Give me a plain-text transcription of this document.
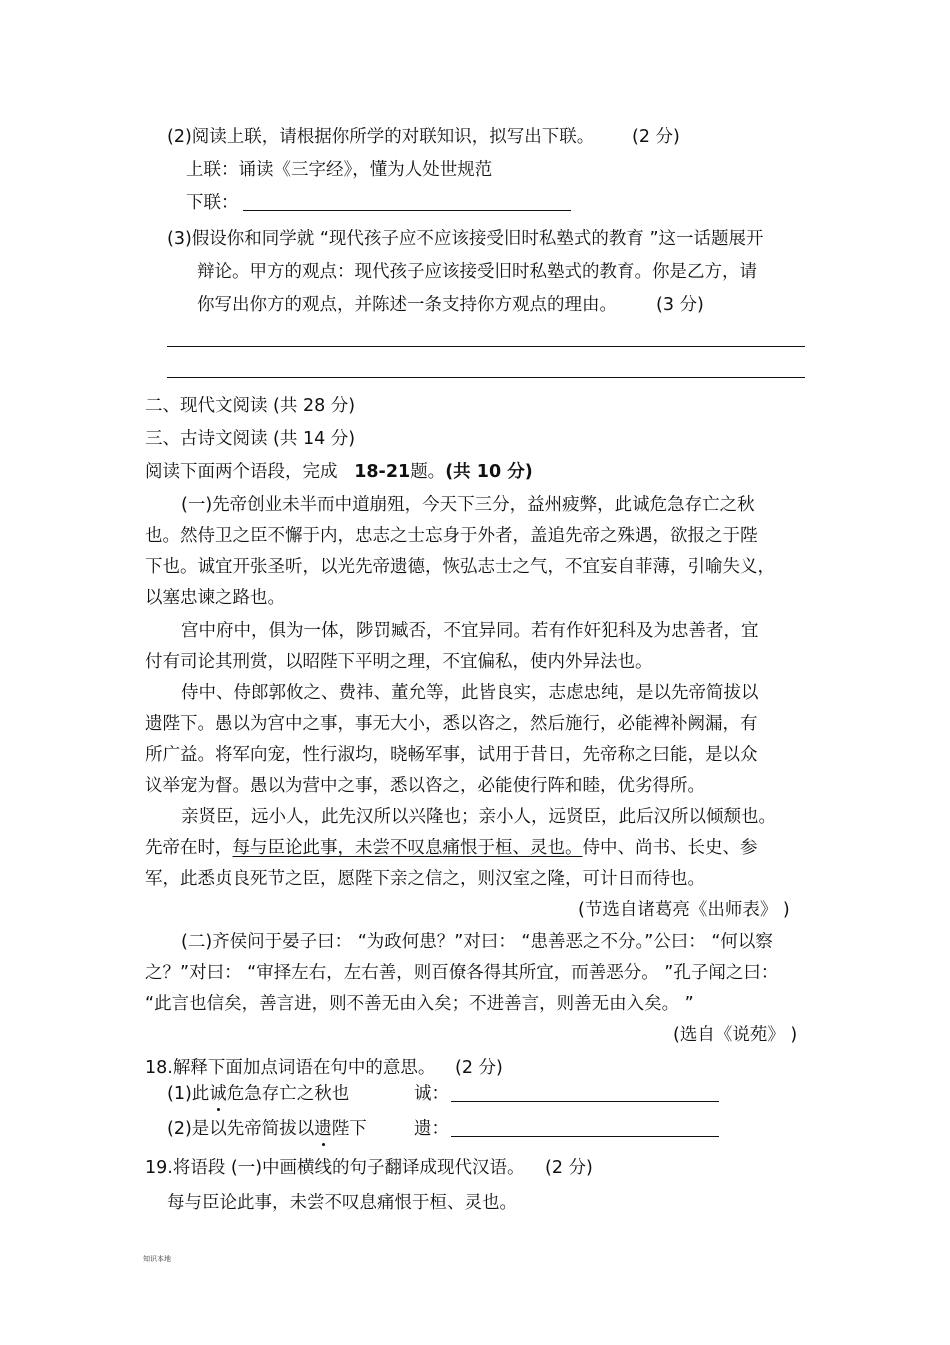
(2)阅读上联，请根据你所学的对联知识，拟写出下联。 (2 分)
上联：诵读《三字经》，懂为人处世规范
下联：
(3)假设你和同学就 “现代孩子应不应该接受旧时私塾式的教育 ”这一话题展开
辩论。甲方的观点：现代孩子应该接受旧时私塾式的教育。你是乙方，请
你写出你方的观点，并陈述一条支持你方观点的理由。 (3 分)
二、现代文阅读 (共 28 分)
三、古诗文阅读 (共 14 分)
阅读下面两个语段，完成 18-21题。(共 10 分)
(一)先帝创业未半而中道崩殂，今天下三分，益州疲弊，此诚危急存亡之秋
也。然侍卫之臣不懈于内，忠志之士忘身于外者，盖追先帝之殊遇，欲报之于陛
下也。诚宜开张圣听，以光先帝遗德，恢弘志士之气，不宜妄自菲薄，引喻失义，
以塞忠谏之路也。
宫中府中，俱为一体，陟罚臧否，不宜异同。若有作奸犯科及为忠善者，宜
付有司论其刑赏，以昭陛下平明之理，不宜偏私，使内外异法也。
侍中、侍郎郭攸之、费祎、董允等，此皆良实，志虑忠纯，是以先帝简拔以
遗陛下。愚以为宫中之事，事无大小，悉以咨之，然后施行，必能裨补阙漏，有
所广益。将军向宠，性行淑均，晓畅军事，试用于昔日，先帝称之曰能，是以众
议举宠为督。愚以为营中之事，悉以咨之，必能使行阵和睦，优劣得所。
亲贤臣，远小人，此先汉所以兴隆也；亲小人，远贤臣，此后汉所以倾颓也。
先帝在时，每与臣论此事，未尝不叹息痛恨于桓、灵也。侍中、尚书、长史、参
军，此悉贞良死节之臣，愿陛下亲之信之，则汉室之隆，可计日而待也。
(节选自诸葛亮《出师表》 )
(二)齐侯问于晏子曰： “为政何患？”对曰： “患善恶之不分。”公曰： “何以察
之？”对曰： “审择左右，左右善，则百僚各得其所宜，而善恶分。 ”孔子闻之曰：
“此言也信矣，善言进，则不善无由入矣；不进善言，则善无由入矣。 ”
(选自《说苑》 )
18.解释下面加点词语在句中的意思。 (2 分)
(1)此诚危急存亡之秋也	诚：
(2)是以先帝简拔以遗陛下	遗：
19.将语段 (一)中画横线的句子翻译成现代汉语。 (2 分)
每与臣论此事，未尝不叹息痛恨于桓、灵也。
知识本地
